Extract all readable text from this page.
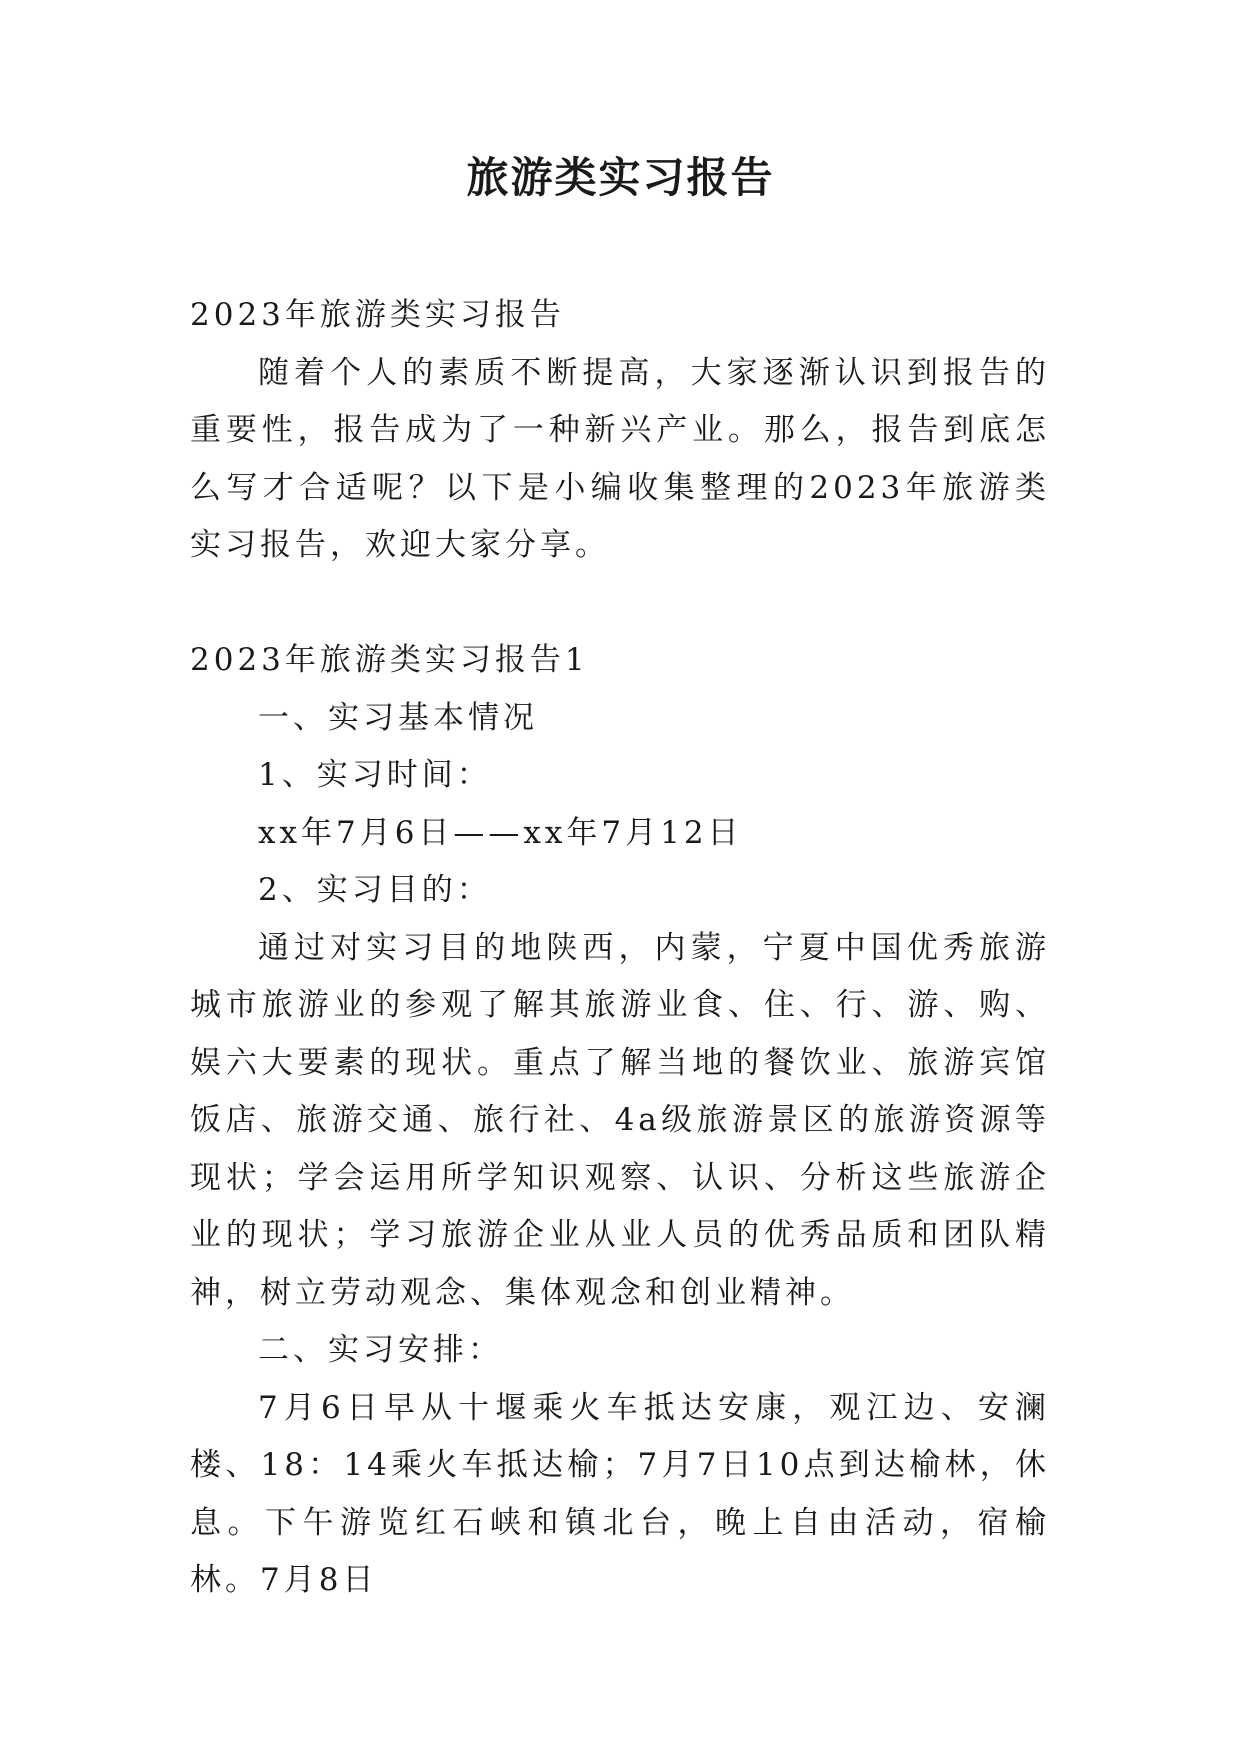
旅游类实习报告

2023年旅游类实习报告

随着个人的素质不断提高，大家逐渐认识到报告的重要性，报告成为了一种新兴产业。那么，报告到底怎么写才合适呢？以下是小编收集整理的2023年旅游类实习报告，欢迎大家分享。

2023年旅游类实习报告1

一、实习基本情况

1、实习时间：

xx年7月6日——xx年7月12日

2、实习目的：

通过对实习目的地陕西，内蒙，宁夏中国优秀旅游城市旅游业的参观了解其旅游业食、住、行、游、购、娱六大要素的现状。重点了解当地的餐饮业、旅游宾馆饭店、旅游交通、旅行社、4a级旅游景区的旅游资源等现状；学会运用所学知识观察、认识、分析这些旅游企业的现状；学习旅游企业从业人员的优秀品质和团队精神，树立劳动观念、集体观念和创业精神。

二、实习安排：

7月6日早从十堰乘火车抵达安康，观江边、安澜楼、18：14乘火车抵达榆；7月7日10点到达榆林，休息。下午游览红石峡和镇北台，晚上自由活动，宿榆林。7月8日
